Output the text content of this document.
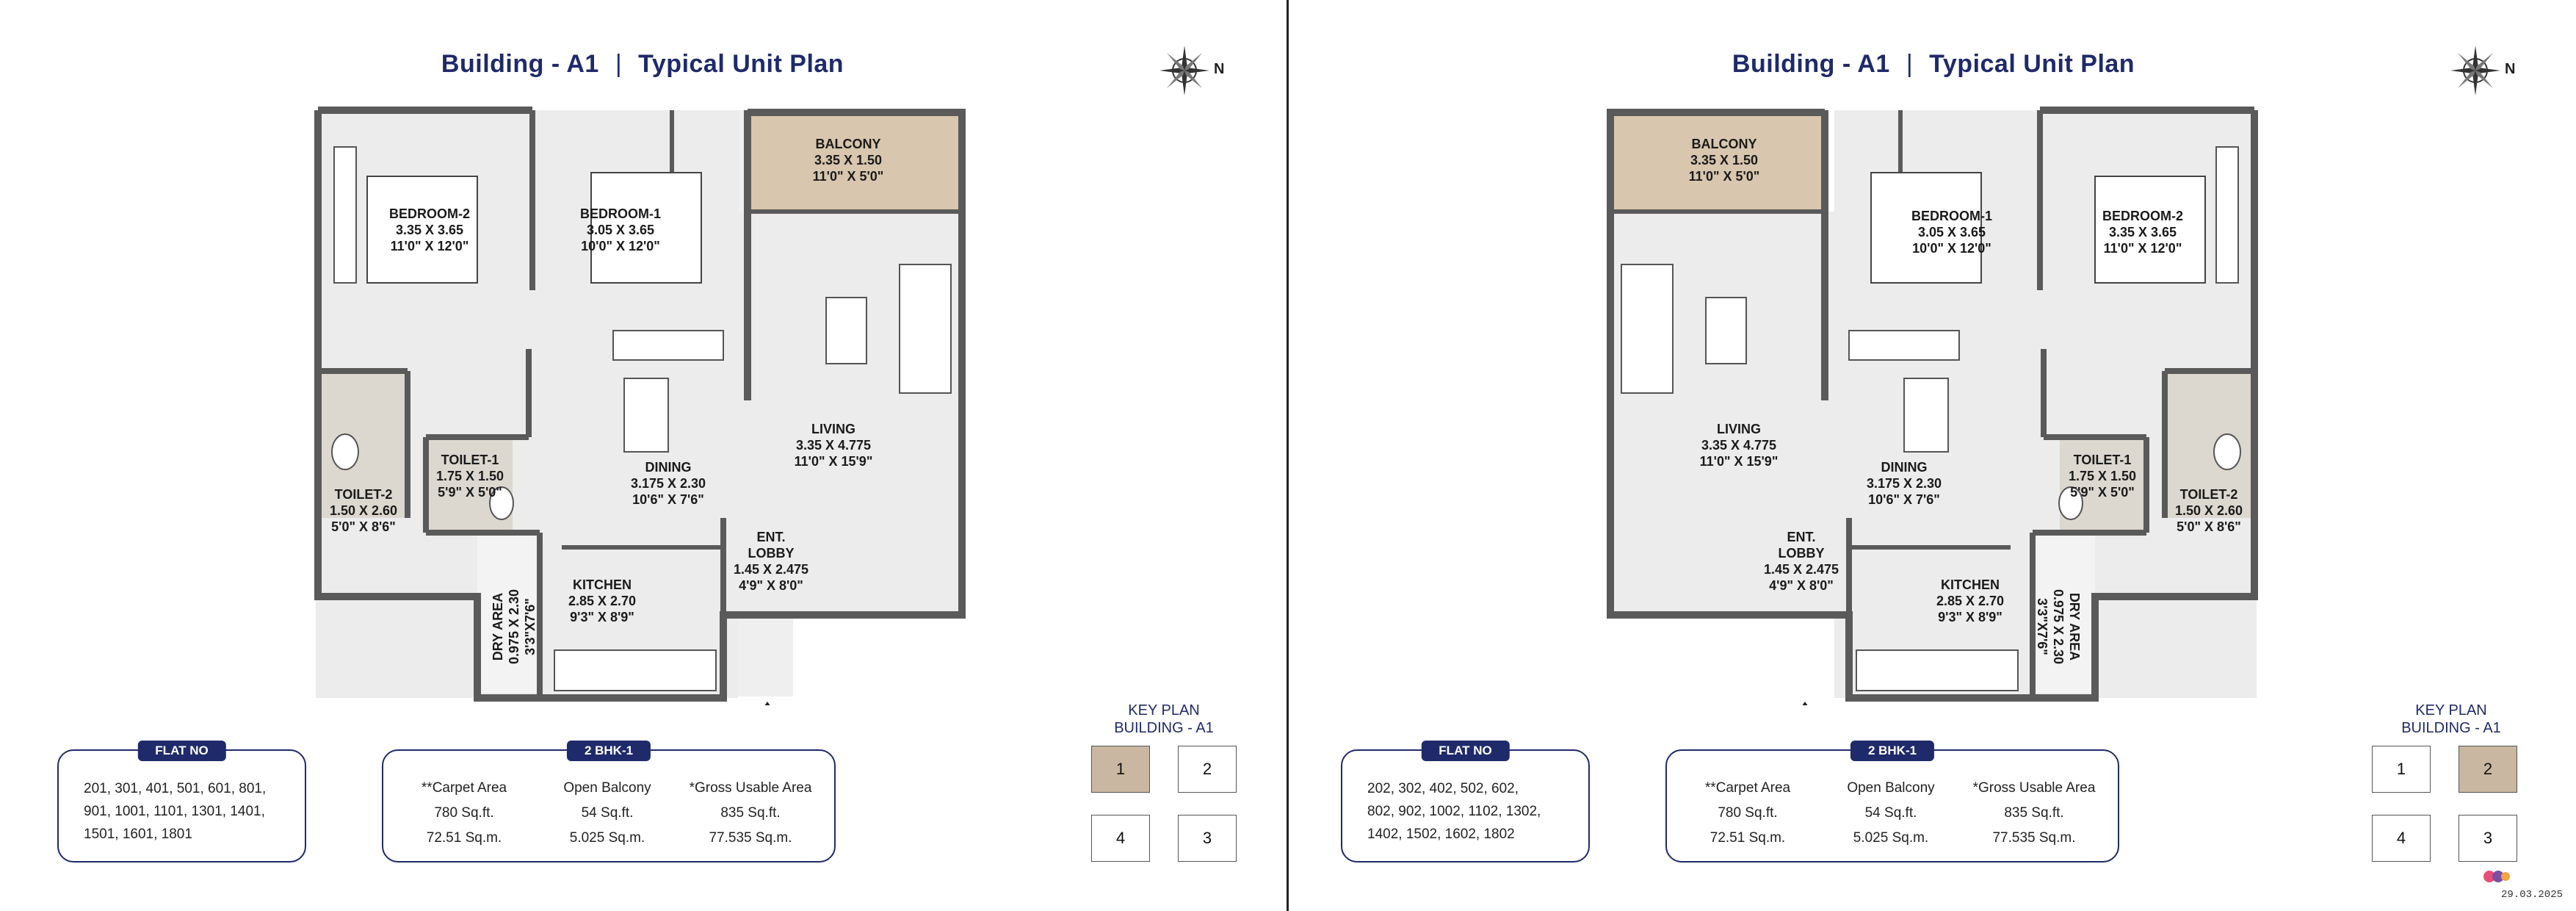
Building - A1 | Typical Unit Plan	N
BALCONY
3.35 X 1.50
11'0" X 5'0"
BEDROOM-1
3.05 X 3.65
10'0" X 12'0"
BEDROOM-2
3.35 X 3.65
11'0" X 12'0"
TOILET-1
1.75 X 1.50
5'9" X 5'0"
TOILET-2
1.50 X 2.60
5'0" X 8'6"
DINING
3.175 X 2.30
10'6" X 7'6"
LIVING
3.35 X 4.775
11'0" X 15'9"
KITCHEN
2.85 X 2.70
9'3" X 8'9"
ENT.
LOBBY
1.45 X 2.475
4'9" X 8'0"
DRY AREA 0.975 X 2.30 3'3"X7'6"
FLAT NO
201, 301, 401, 501, 601, 801,
901, 1001, 1101, 1301, 1401,
1501, 1601, 1801
2 BHK-1
**Carpet Area
780 Sq.ft.
72.51 Sq.m.
Open Balcony
54 Sq.ft.
5.025 Sq.m.
*Gross Usable Area
835 Sq.ft.
77.535 Sq.m.
KEY PLAN
BUILDING - A1
1	2
3
4
Building - A1 | Typical Unit Plan	N
BALCONY
3.35 X 1.50
11'0" X 5'0"
BEDROOM-1
3.05 X 3.65
10'0" X 12'0"
BEDROOM-2
3.35 X 3.65
11'0" X 12'0"
TOILET-1
1.75 X 1.50
5'9" X 5'0"	TOILET-2
1.50 X 2.60
5'0" X 8'6"
DINING
3.175 X 2.30
10'6" X 7'6"
LIVING
3.35 X 4.775
11'0" X 15'9"
KITCHEN
2.85 X 2.70
9'3" X 8'9"
ENT.
LOBBY
1.45 X 2.475
4'9" X 8'0"
DRY AREA
0.975 X 2.30
3'3"X7'6"
FLAT NO
202, 302, 402, 502, 602,
802, 902, 1002, 1102, 1302,
1402, 1502, 1602, 1802
2 BHK-1
**Carpet Area
780 Sq.ft.
72.51 Sq.m.
Open Balcony
54 Sq.ft.
5.025 Sq.m.
*Gross Usable Area
835 Sq.ft.
77.535 Sq.m.
KEY PLAN
BUILDING - A1
1	2
3
4
29.03.2025
